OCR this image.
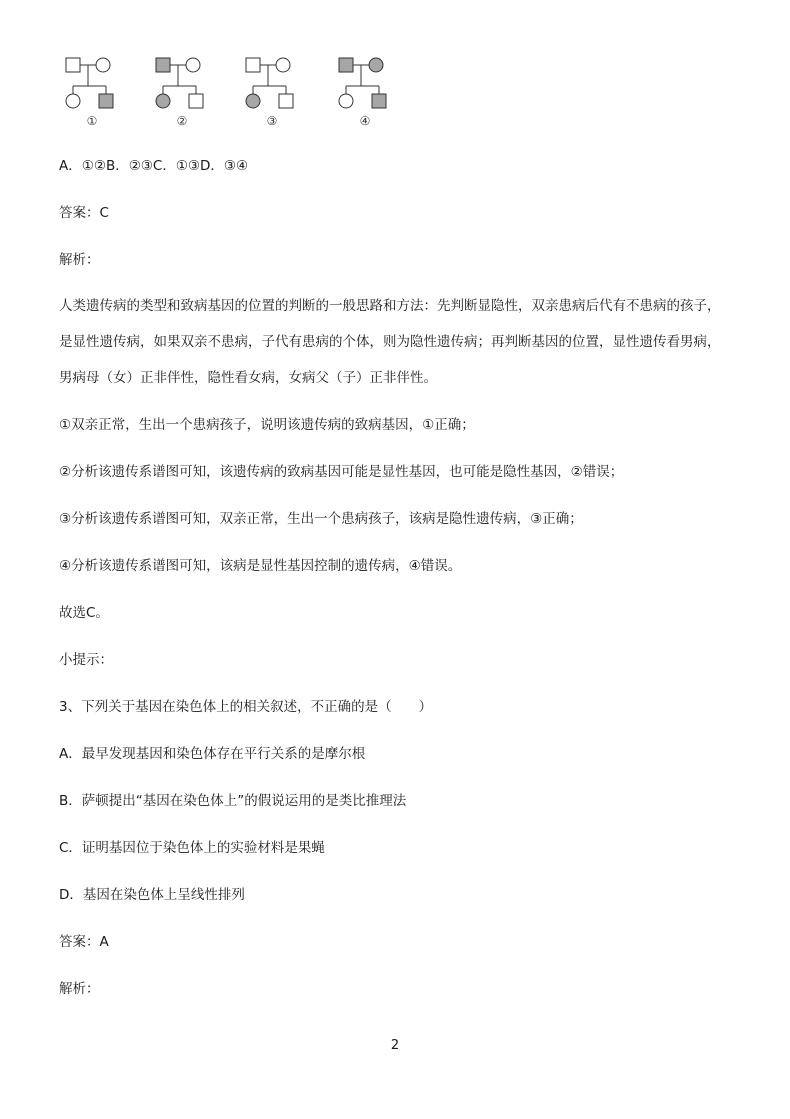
①	②	③	④
A．①②B．②③C．①③D．③④
答案：C
解析：
人类遗传病的类型和致病基因的位置的判断的一般思路和方法：先判断显隐性，双亲患病后代有不患病的孩子，
是显性遗传病，如果双亲不患病，子代有患病的个体，则为隐性遗传病；再判断基因的位置，显性遗传看男病，
男病母（女）正非伴性，隐性看女病，女病父（子）正非伴性。
①双亲正常，生出一个患病孩子，说明该遗传病的致病基因，①正确；
②分析该遗传系谱图可知，该遗传病的致病基因可能是显性基因，也可能是隐性基因，②错误；
③分析该遗传系谱图可知，双亲正常，生出一个患病孩子，该病是隐性遗传病，③正确；
④分析该遗传系谱图可知，该病是显性基因控制的遗传病，④错误。
故选C。
小提示：
3、下列关于基因在染色体上的相关叙述，不正确的是（　　）
A．最早发现基因和染色体存在平行关系的是摩尔根
B．萨顿提出“基因在染色体上”的假说运用的是类比推理法
C．证明基因位于染色体上的实验材料是果蝇
D．基因在染色体上呈线性排列
答案：A
解析：
2
